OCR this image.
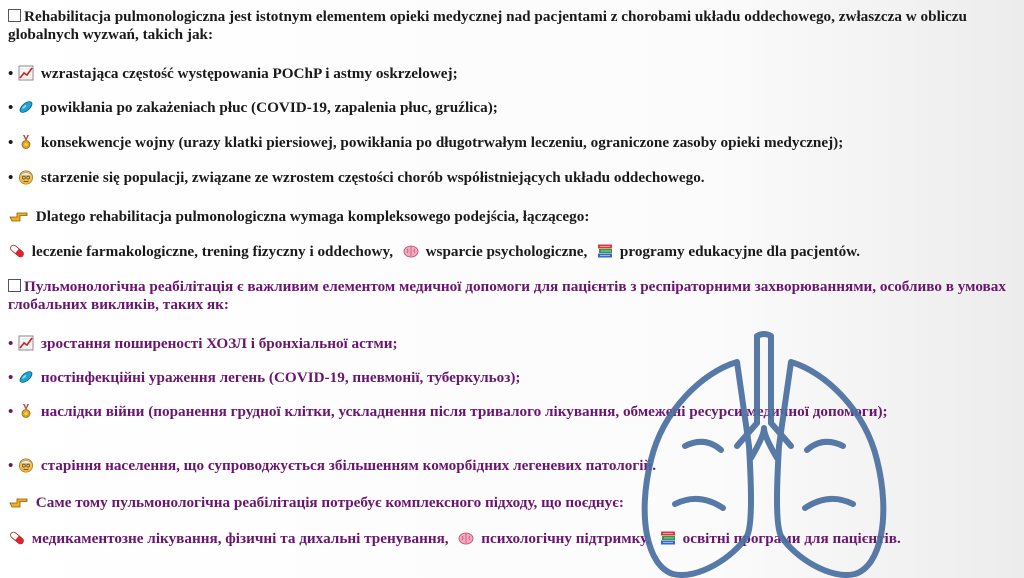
Rehabilitacja pulmonologiczna jest istotnym elementem opieki medycznej nad pacjentami z chorobami układu oddechowego, zwłaszcza w obliczu globalnych wyzwań, takich jak:
• wzrastająca częstość występowania POChP i astmy oskrzelowej;
• powikłania po zakażeniach płuc (COVID-19, zapalenia płuc, gruźlica);
• konsekwencje wojny (urazy klatki piersiowej, powikłania po długotrwałym leczeniu, ograniczone zasoby opieki medycznej);
• starzenie się populacji, związane ze wzrostem częstości chorób współistniejących układu oddechowego.
Dlatego rehabilitacja pulmonologiczna wymaga kompleksowego podejścia, łączącego:
leczenie farmakologiczne, trening fizyczny i oddechowy, wsparcie psychologiczne, programy edukacyjne dla pacjentów.
Пульмонологічна реабілітація є важливим елементом медичної допомоги для пацієнтів з респіраторними захворюваннями, особливо в умовах глобальних викликів, таких як:
• зростання поширеності ХОЗЛ і бронхіальної астми;
• постінфекційні ураження легень (COVID-19, пневмонії, туберкульоз);
• наслідки війни (поранення грудної клітки, ускладнення після тривалого лікування, обмежені ресурси медичної допомоги);
• старіння населення, що супроводжується збільшенням коморбідних легеневих патологій.
Саме тому пульмонологічна реабілітація потребує комплексного підходу, що поєднує:
медикаментозне лікування, фізичні та дихальні тренування, психологічну підтримку, освітні програми для пацієнтів.
